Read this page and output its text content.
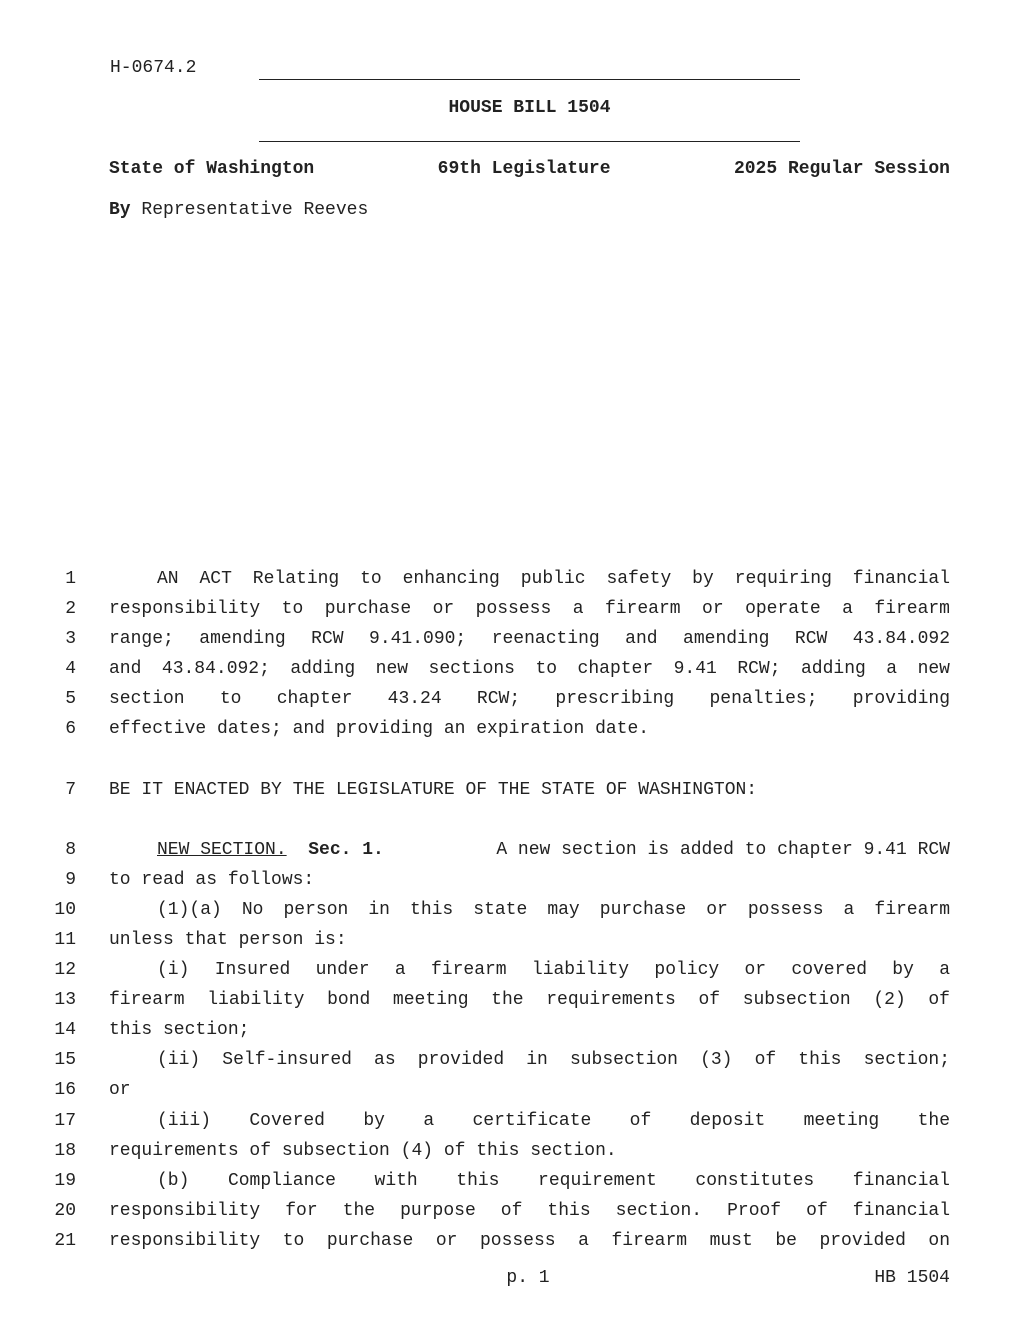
H-0674.2
HOUSE BILL 1504
State of Washington	69th Legislature	2025 Regular Session
By Representative Reeves
1	AN ACT Relating to enhancing public safety by requiring financial
2 responsibility to purchase or possess a firearm or operate a firearm
3 range; amending RCW 9.41.090; reenacting and amending RCW 43.84.092
4 and 43.84.092; adding new sections to chapter 9.41 RCW; adding a new
5 section to chapter 43.24 RCW; prescribing penalties; providing
6 effective dates; and providing an expiration date.
7 BE IT ENACTED BY THE LEGISLATURE OF THE STATE OF WASHINGTON:
8	NEW SECTION. Sec. 1.	A new section is added to chapter 9.41 RCW
9 to read as follows:
10	(1)(a) No person in this state may purchase or possess a firearm
11 unless that person is:
12	(i) Insured under a firearm liability policy or covered by a
13 firearm liability bond meeting the requirements of subsection (2) of
14 this section;
15	(ii) Self-insured as provided in subsection (3) of this section;
16 or
17	(iii) Covered by a certificate of deposit meeting the
18 requirements of subsection (4) of this section.
19	(b) Compliance with this requirement constitutes financial
20 responsibility for the purpose of this section. Proof of financial
21 responsibility to purchase or possess a firearm must be provided on
p. 1	HB 1504
